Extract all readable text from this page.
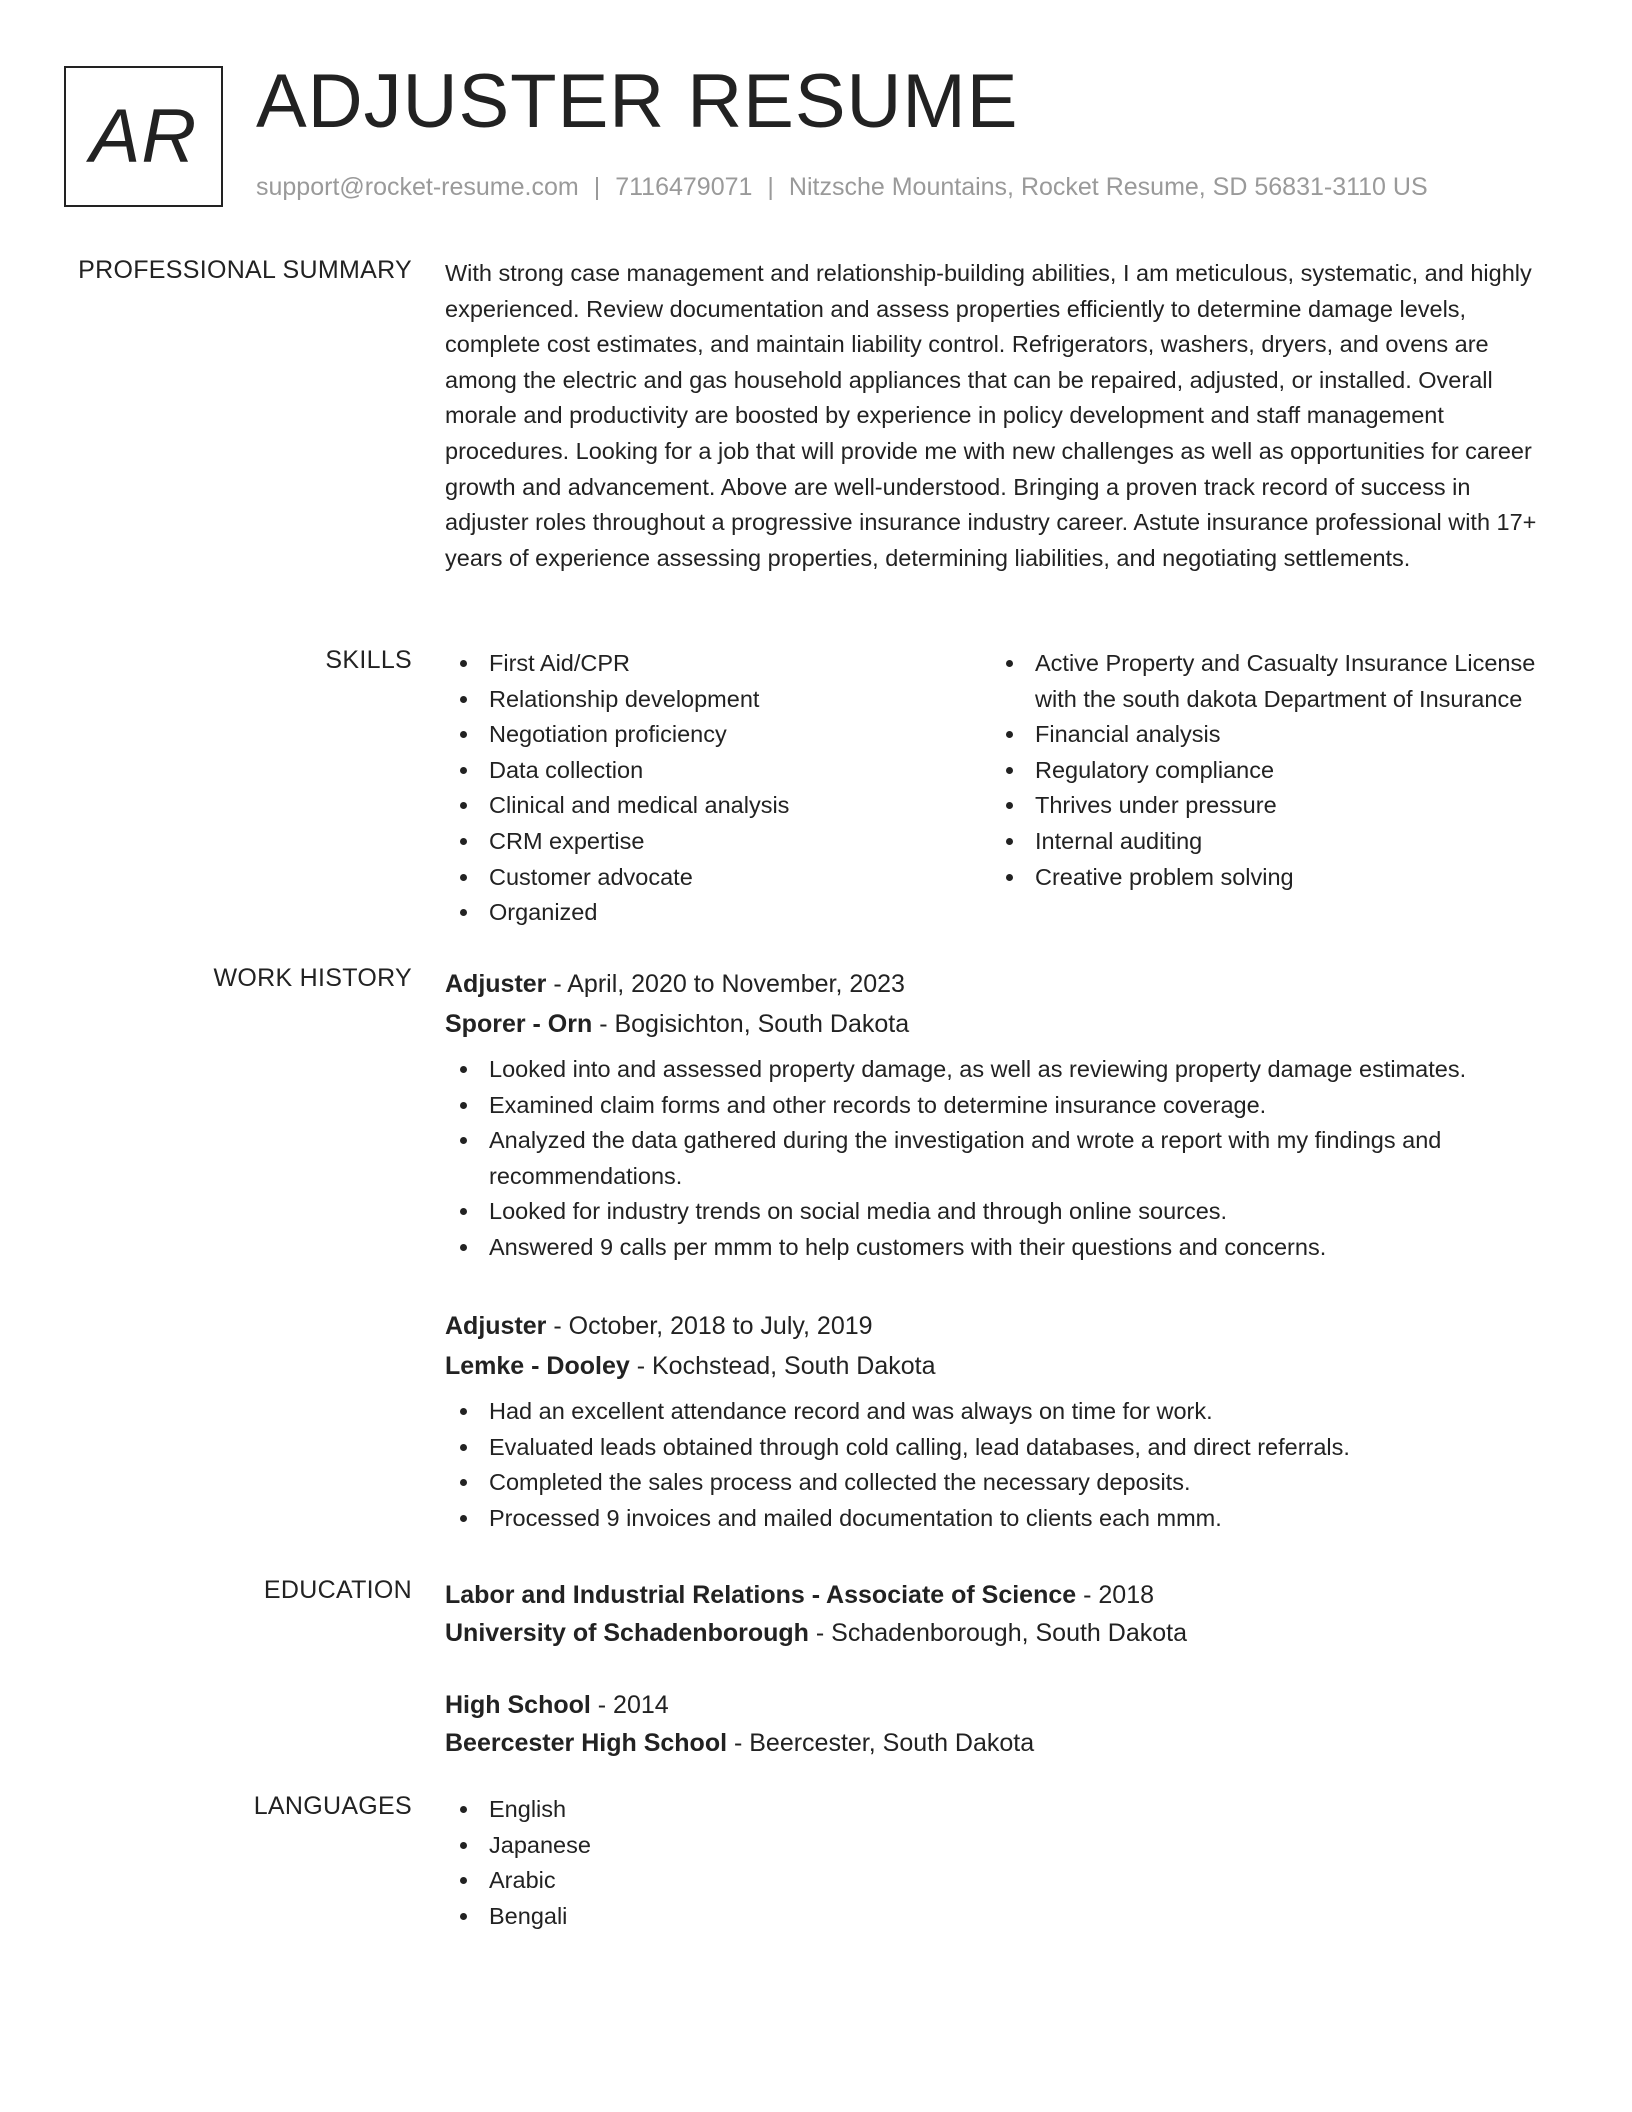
AR ADJUSTER RESUME
support@rocket-resume.com | 7116479071 | Nitzsche Mountains, Rocket Resume, SD 56831-3110 US
PROFESSIONAL SUMMARY With strong case management and relationship-building abilities, I am meticulous, systematic, and highly experienced. Review documentation and assess properties efficiently to determine damage levels, complete cost estimates, and maintain liability control. Refrigerators, washers, dryers, and ovens are among the electric and gas household appliances that can be repaired, adjusted, or installed. Overall morale and productivity are boosted by experience in policy development and staff management procedures. Looking for a job that will provide me with new challenges as well as opportunities for career growth and advancement. Above are well-understood. Bringing a proven track record of success in adjuster roles throughout a progressive insurance industry career. Astute insurance professional with 17+ years of experience assessing properties, determining liabilities, and negotiating settlements.

SKILLS	First Aid/CPR
Relationship development
Negotiation proficiency
Data collection
Clinical and medical analysis
CRM expertise
Customer advocate
Organized
Active Property and Casualty Insurance License with the south dakota Department of Insurance
Financial analysis
Regulatory compliance
Thrives under pressure
Internal auditing
Creative problem solving
WORK HISTORY Adjuster - April, 2020 to November, 2023
Sporer - Orn - Bogisichton, South Dakota
Looked into and assessed property damage, as well as reviewing property damage estimates.
Examined claim forms and other records to determine insurance coverage.
Analyzed the data gathered during the investigation and wrote a report with my findings and recommendations.
Looked for industry trends on social media and through online sources.
Answered 9 calls per mmm to help customers with their questions and concerns.
Adjuster - October, 2018 to July, 2019
Lemke - Dooley - Kochstead, South Dakota
Had an excellent attendance record and was always on time for work.
Evaluated leads obtained through cold calling, lead databases, and direct referrals.
Completed the sales process and collected the necessary deposits.
Processed 9 invoices and mailed documentation to clients each mmm.
EDUCATION Labor and Industrial Relations - Associate of Science - 2018
University of Schadenborough - Schadenborough, South Dakota
High School - 2014
Beercester High School - Beercester, South Dakota
LANGUAGES	English
Japanese
Arabic
Bengali
